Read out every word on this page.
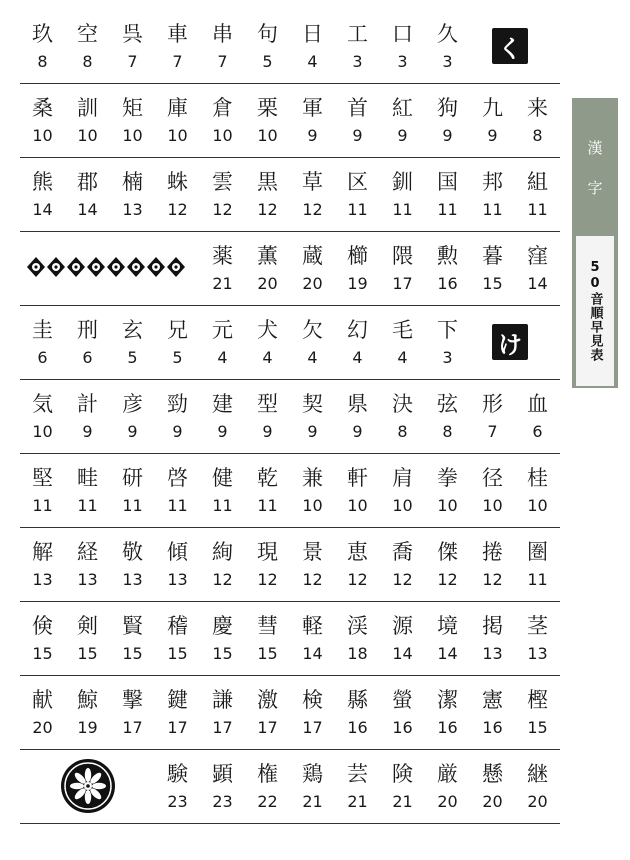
玖
8
空
8
呉
7
車
7
串
7
句
5
日
4
工
3
口
3
久
3 く
桑
10
訓
10
矩
10
庫
10
倉
10
栗
10
軍
9
首
9
紅
9
狗
9
九
9
来
8
熊
14
郡
14
楠
13
蛛
12
雲
12
黒
12
草
12
区
11
釧
11
国
11
邦
11
組
11
薬
21
薫
20
蔵
20
櫛
19
隈
17
勲
16
暮
15
窪
14
圭
6
刑
6
玄
5
兄
5
元
4
犬
4
欠
4
幻
4
毛
4
下
3 け
気
10
計
9
彦
9
勁
9
建
9
型
9
契
9
県
9
決
8
弦
8
形
7
血
6
堅
11
畦
11
研
11
啓
11
健
11
乾
11
兼
10
軒
10
肩
10
拳
10
径
10
桂
10
解
13
経
13
敬
13
傾
13
絢
12
現
12
景
12
恵
12
喬
12
傑
12
捲
12
圏
11
倹
15
剣
15
賢
15
稽
15
慶
15
彗
15
軽
14
渓
18
源
14
境
14
掲
13
茎
13
献
20
鯨
19
撃
17
鍵
17
謙
17
激
17
検
17
縣
16
螢
16
潔
16
憲
16
樫
15
験
23
顕
23
権
22
鶏
21
芸
21
険
21
厳
20
懸
20
継
20
漢
字
50音順早見表
